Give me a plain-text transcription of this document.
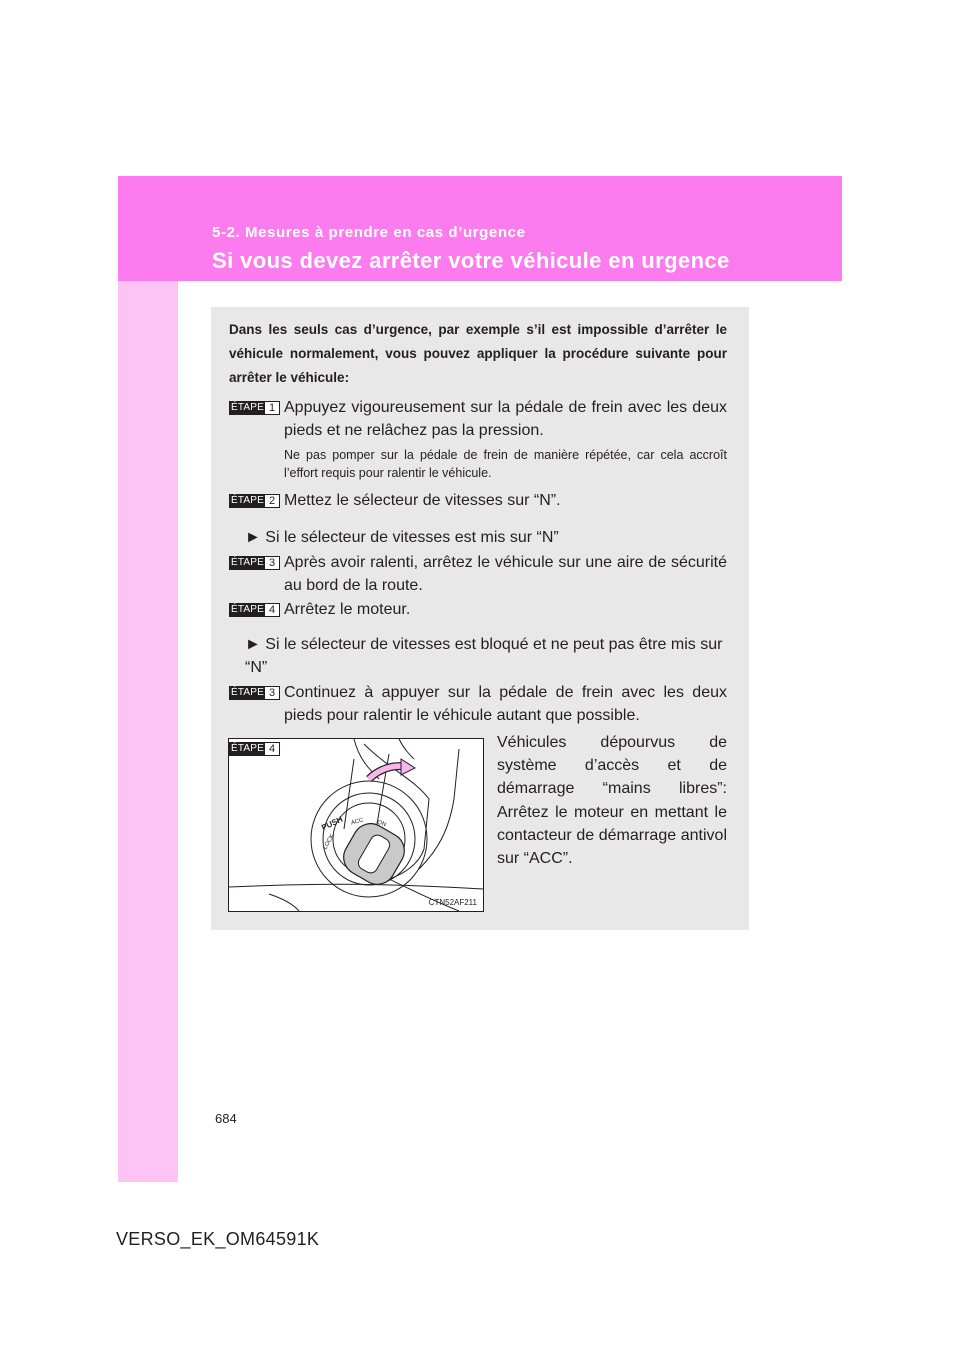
5-2. Mesures à prendre en cas d’urgence
Si vous devez arrêter votre véhicule en urgence
Dans les seuls cas d’urgence, par exemple s’il est impossible d’arrêter le véhicule normalement, vous pouvez appliquer la procédure suivante pour arrêter le véhicule:
ÉTAPE 1 Appuyez vigoureusement sur la pédale de frein avec les deux pieds et ne relâchez pas la pression.
Ne pas pomper sur la pédale de frein de manière répétée, car cela accroît l’effort requis pour ralentir le véhicule.
ÉTAPE 2 Mettez le sélecteur de vitesses sur “N”.
► Si le sélecteur de vitesses est mis sur “N”
ÉTAPE 3 Après avoir ralenti, arrêtez le véhicule sur une aire de sécurité au bord de la route.
ÉTAPE 4 Arrêtez le moteur.
► Si le sélecteur de vitesses est bloqué et ne peut pas être mis sur “N”
ÉTAPE 3 Continuez à appuyer sur la pédale de frein avec les deux pieds pour ralentir le véhicule autant que possible.
ÉTAPE 4
PUSH
LOCK
ACC ON
CTN52AF211
Véhicules dépourvus de système d’accès et de démarrage “mains libres”: Arrêtez le moteur en mettant le contacteur de démarrage antivol sur “ACC”.
684
VERSO_EK_OM64591K
